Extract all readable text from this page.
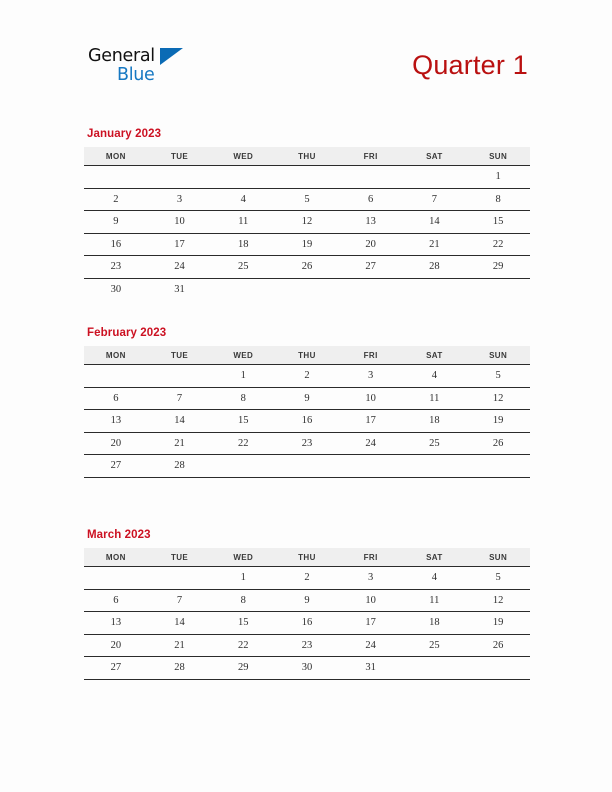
General
Blue	Quarter 1
January 2023
MON	TUE	WED	THU	FRI	SAT	SUN
						1
2	3	4	5	6	7	8
9	10	11	12	13	14	15
16	17	18	19	20	21	22
23	24	25	26	27	28	29
30	31					
February 2023
MON	TUE	WED	THU	FRI	SAT	SUN
		1	2	3	4	5
6	7	8	9	10	11	12
13	14	15	16	17	18	19
20	21	22	23	24	25	26
27	28					
March 2023
MON	TUE	WED	THU	FRI	SAT	SUN
		1	2	3	4	5
6	7	8	9	10	11	12
13	14	15	16	17	18	19
20	21	22	23	24	25	26
27	28	29	30	31		
